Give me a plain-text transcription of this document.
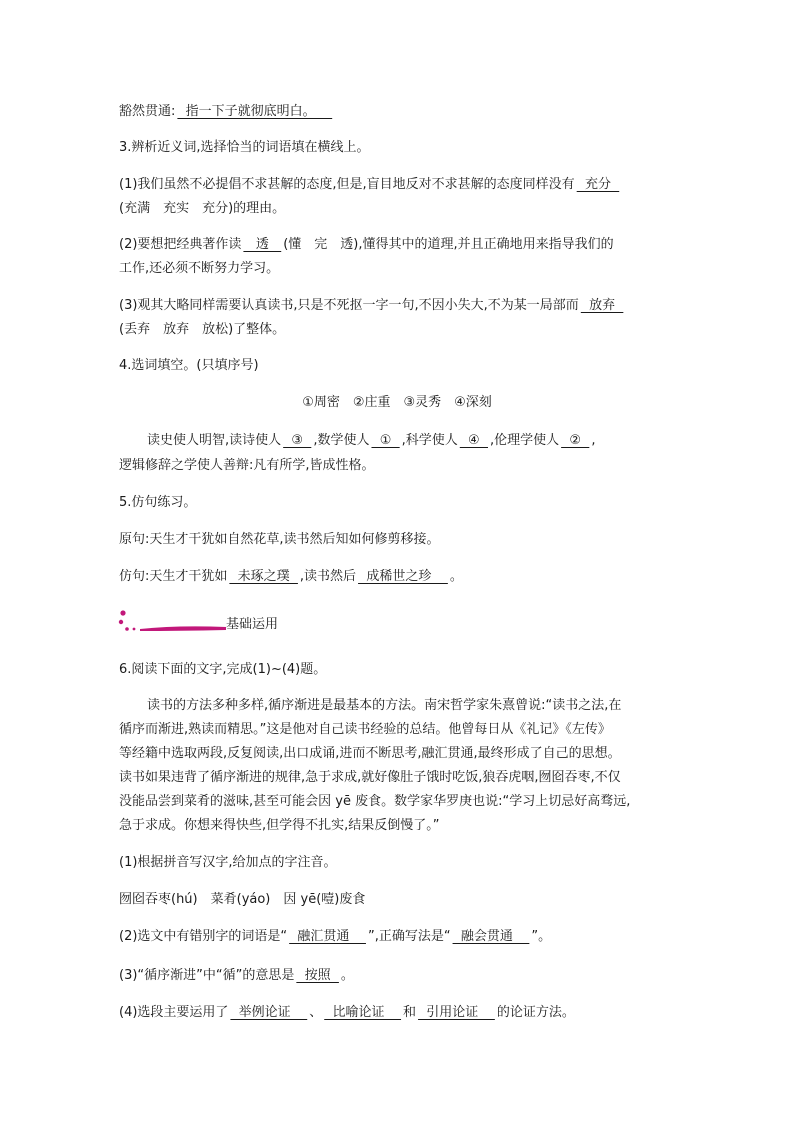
豁然贯通:  指一下子就彻底明白。
3.辨析近义词,选择恰当的词语填在横线上。
(1)我们虽然不必提倡不求甚解的态度,但是,盲目地反对不求甚解的态度同样没有  充分
(充满　充实　充分)的理由。
(2)要想把经典著作读   透   (懂　完　透),懂得其中的道理,并且正确地用来指导我们的
工作,还必须不断努力学习。
(3)观其大略同样需要认真读书,只是不死抠一字一句,不因小失大,不为某一局部而  放弃
(丢弃　放弃　放松)了整体。
4.选词填空。(只填序号)
①周密　②庄重　③灵秀　④深刻
读史使人明智,读诗使人  ③  ,数学使人  ①  ,科学使人  ④  ,伦理学使人  ②  ,
逻辑修辞之学使人善辩:凡有所学,皆成性格。
5.仿句练习。
原句:天生才干犹如自然花草,读书然后知如何修剪移接。
仿句:天生才干犹如  未琢之璞  ,读书然后  成稀世之珍    。
基础运用
6.阅读下面的文字,完成(1)~(4)题。
读书的方法多种多样,循序渐进是最基本的方法。南宋哲学家朱熹曾说:“读书之法,在
循序而渐进,熟读而精思。”这是他对自己读书经验的总结。他曾每日从《礼记》《左传》
等经籍中选取两段,反复阅读,出口成诵,进而不断思考,融汇贯通,最终形成了自己的思想。
读书如果违背了循序渐进的规律,急于求成,就好像肚子饿时吃饭,狼吞虎咽,囫囵吞枣,不仅
没能品尝到菜肴的滋味,甚至可能会因 yē 废食。数学家华罗庚也说:“学习上切忌好高骛远,
急于求成。你想来得快些,但学得不扎实,结果反倒慢了。”
(1)根据拼音写汉字,给加点的字注音。
囫囵吞枣(hú)　菜肴(yáo)　因 yē(噎)废食
(2)选文中有错别字的词语是“  融汇贯通    ”,正确写法是“  融会贯通    ”。
(3)“循序渐进”中“循”的意思是  按照  。
(4)选段主要运用了  举例论证    、  比喻论证    和  引用论证    的论证方法。
